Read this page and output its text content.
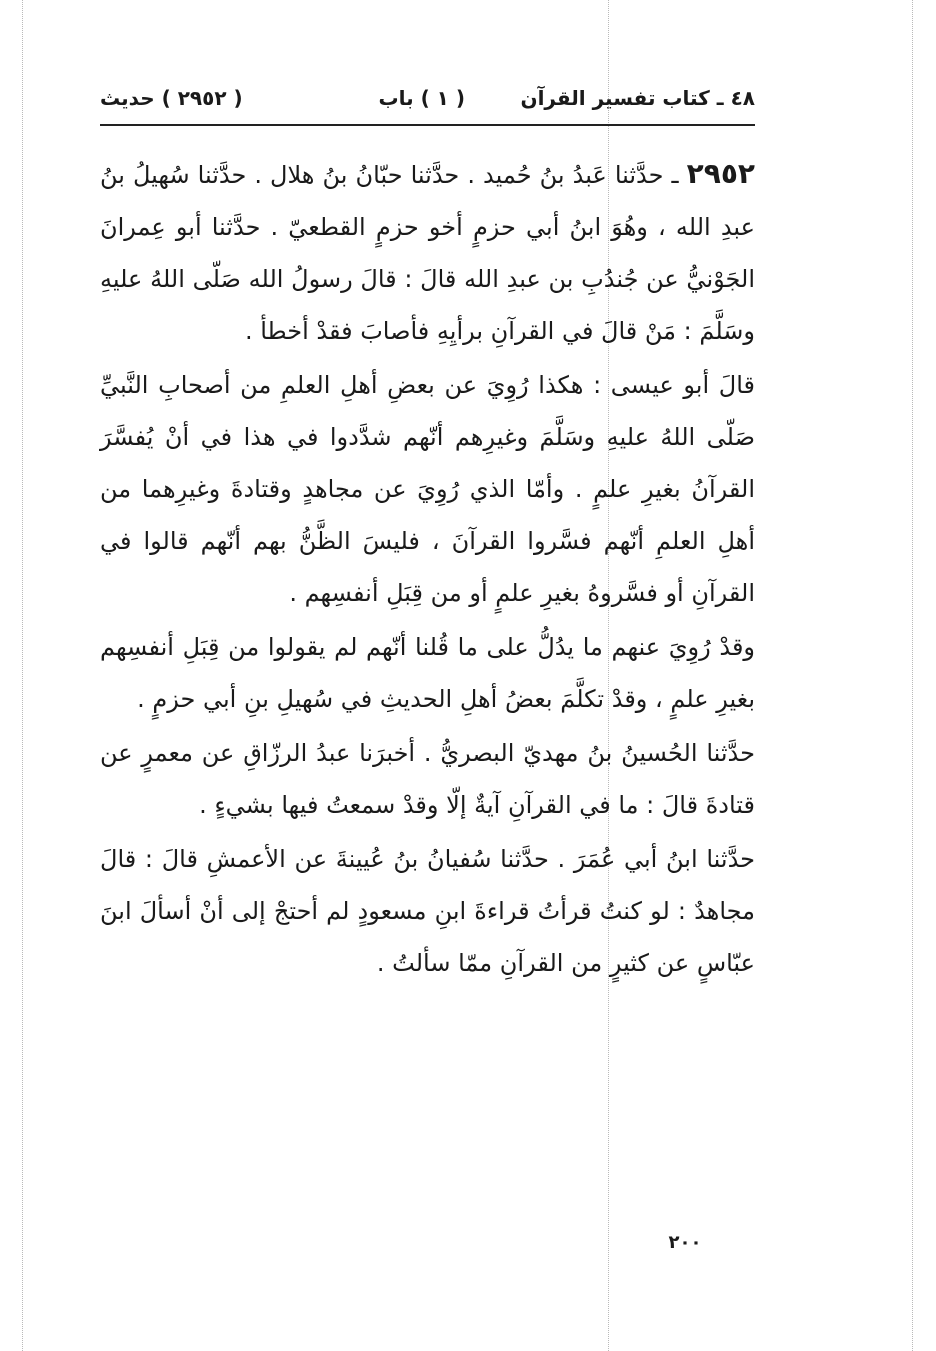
٤٨ ـ كتاب تفسير القرآن
( ١ ) باب
( ٢٩٥٢ ) حديث

٢٩٥٢ ـ حدَّثنا عَبدُ بنُ حُميد . حدَّثنا حبّانُ بنُ هلال . حدَّثنا سُهيلُ بنُ عبدِ الله ، وهُوَ ابنُ أبي حزمٍ أخو حزمٍ القطعيّ . حدَّثنا أبو عِمرانَ الجَوْنيُّ عن جُندُبِ بن عبدِ الله قالَ : قالَ رسولُ الله صَلّى اللهُ عليهِ وسَلَّمَ : مَنْ قالَ في القرآنِ برأيِهِ فأصابَ فقدْ أخطأ .

قالَ أبو عيسى : هكذا رُوِيَ عن بعضِ أهلِ العلمِ من أصحابِ النَّبيِّ صَلّى اللهُ عليهِ وسَلَّمَ وغيرِهم أنّهم شدَّدوا في هذا في أنْ يُفسَّرَ القرآنُ بغيرِ علمٍ . وأمّا الذي رُوِيَ عن مجاهدٍ وقتادةَ وغيرِهما من أهلِ العلمِ أنّهم فسَّروا القرآنَ ، فليسَ الظَّنُّ بهم أنّهم قالوا في القرآنِ أو فسَّروهُ بغيرِ علمٍ أو من قِبَلِ أنفسِهم .

وقدْ رُوِيَ عنهم ما يدُلُّ على ما قُلنا أنّهم لم يقولوا من قِبَلِ أنفسِهم بغيرِ علمٍ ، وقدْ تكلَّمَ بعضُ أهلِ الحديثِ في سُهيلِ بنِ أبي حزمٍ .

حدَّثنا الحُسينُ بنُ مهديّ البصريُّ . أخبرَنا عبدُ الرزّاقِ عن معمرٍ عن قتادةَ قالَ : ما في القرآنِ آيةٌ إلّا وقدْ سمعتُ فيها بشيءٍ .

حدَّثنا ابنُ أبي عُمَرَ . حدَّثنا سُفيانُ بنُ عُيينةَ عن الأعمشِ قالَ : قالَ مجاهدٌ : لو كنتُ قرأتُ قراءةَ ابنِ مسعودٍ لم أحتجْ إلى أنْ أسألَ ابنَ عبّاسٍ عن كثيرٍ من القرآنِ ممّا سألتُ .

٢٠٠
